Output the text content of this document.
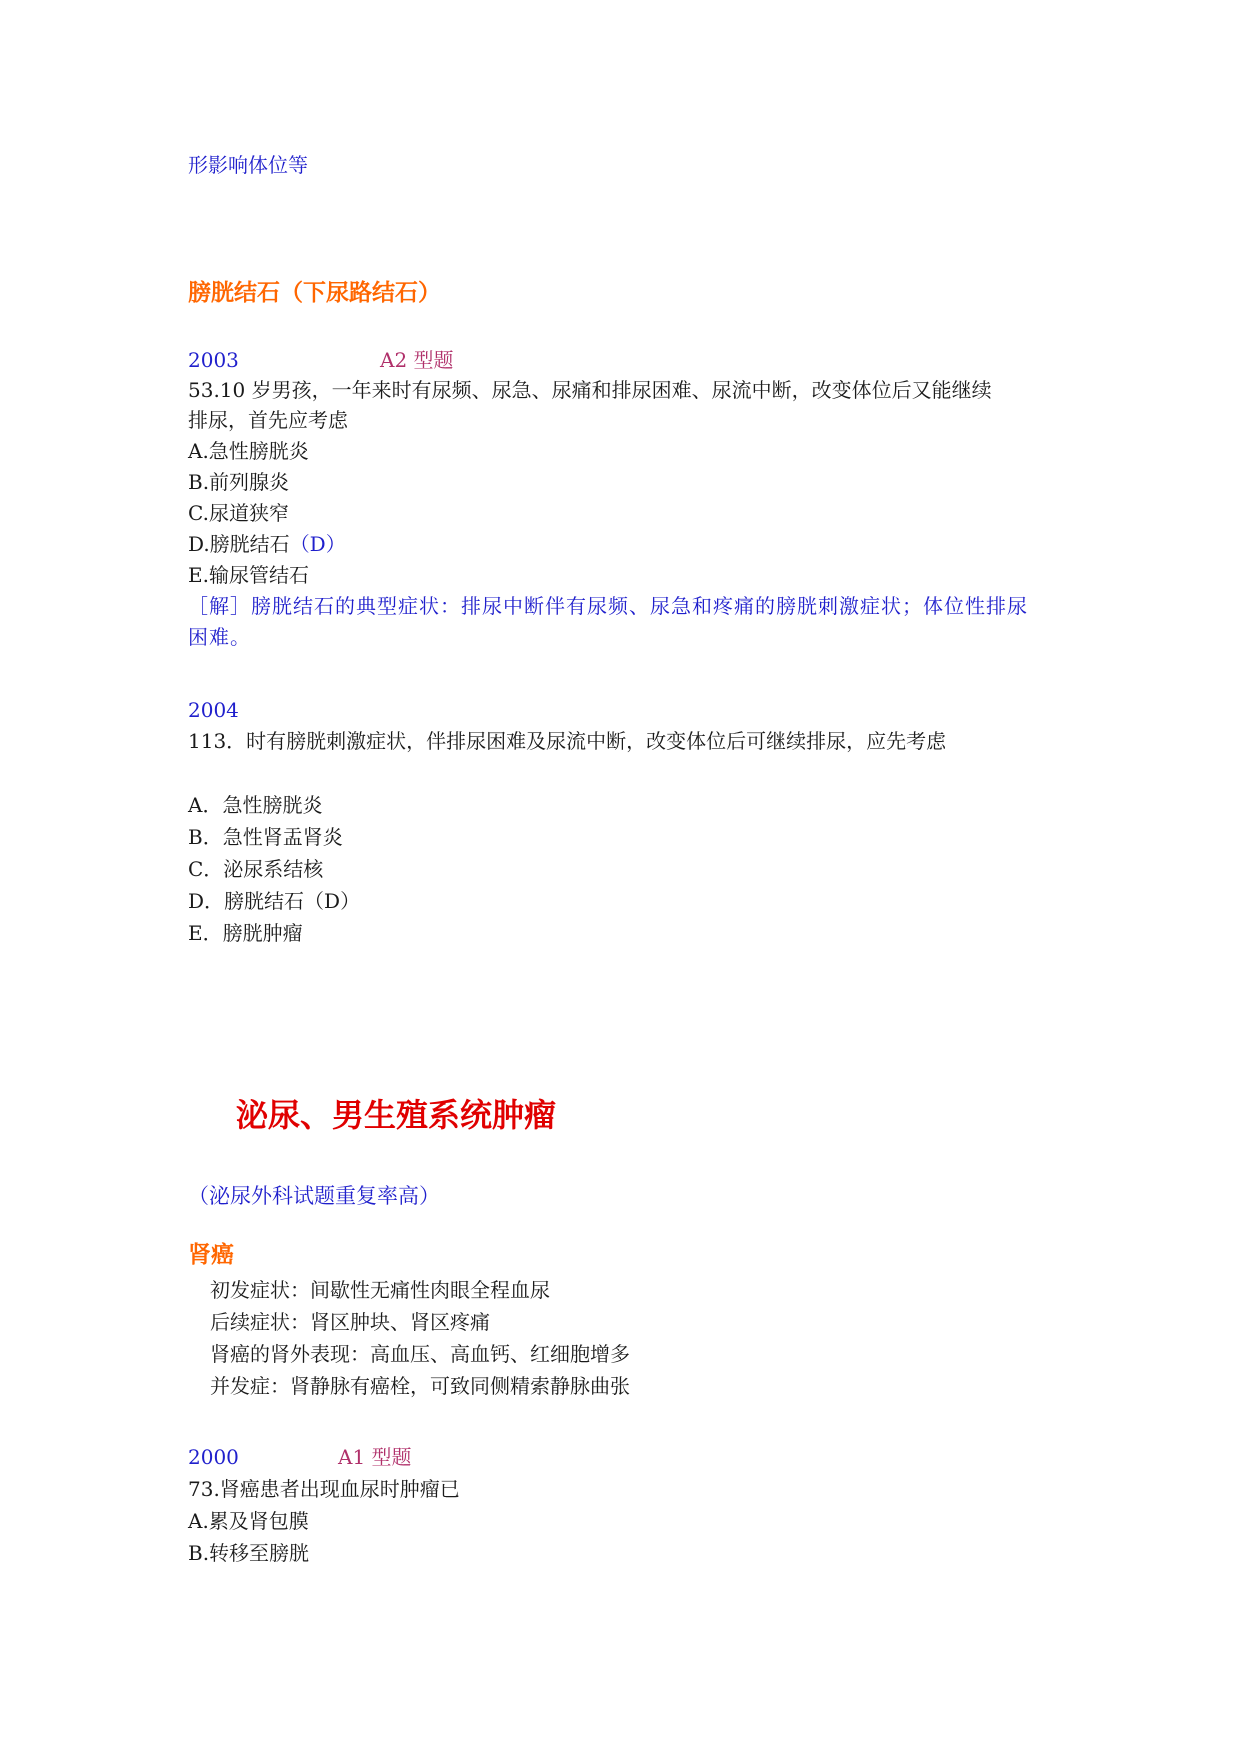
形影响体位等
膀胱结石（下尿路结石）
2003	A2 型题
53.10 岁男孩，一年来时有尿频、尿急、尿痛和排尿困难、尿流中断，改变体位后又能继续
排尿，首先应考虑
A.急性膀胱炎
B.前列腺炎
C.尿道狭窄
D.膀胱结石（D）
E.输尿管结石
［解］膀胱结石的典型症状：排尿中断伴有尿频、尿急和疼痛的膀胱刺激症状；体位性排尿
困难。
2004
113．时有膀胱刺激症状，伴排尿困难及尿流中断，改变体位后可继续排尿，应先考虑
A．急性膀胱炎
B．急性肾盂肾炎
C．泌尿系结核
D．膀胱结石（D）
E．膀胱肿瘤
泌尿、男生殖系统肿瘤
（泌尿外科试题重复率高）
肾癌
初发症状：间歇性无痛性肉眼全程血尿
后续症状：肾区肿块、肾区疼痛
肾癌的肾外表现：高血压、高血钙、红细胞增多
并发症：肾静脉有癌栓，可致同侧精索静脉曲张
2000	A1 型题
73.肾癌患者出现血尿时肿瘤已
A.累及肾包膜
B.转移至膀胱
